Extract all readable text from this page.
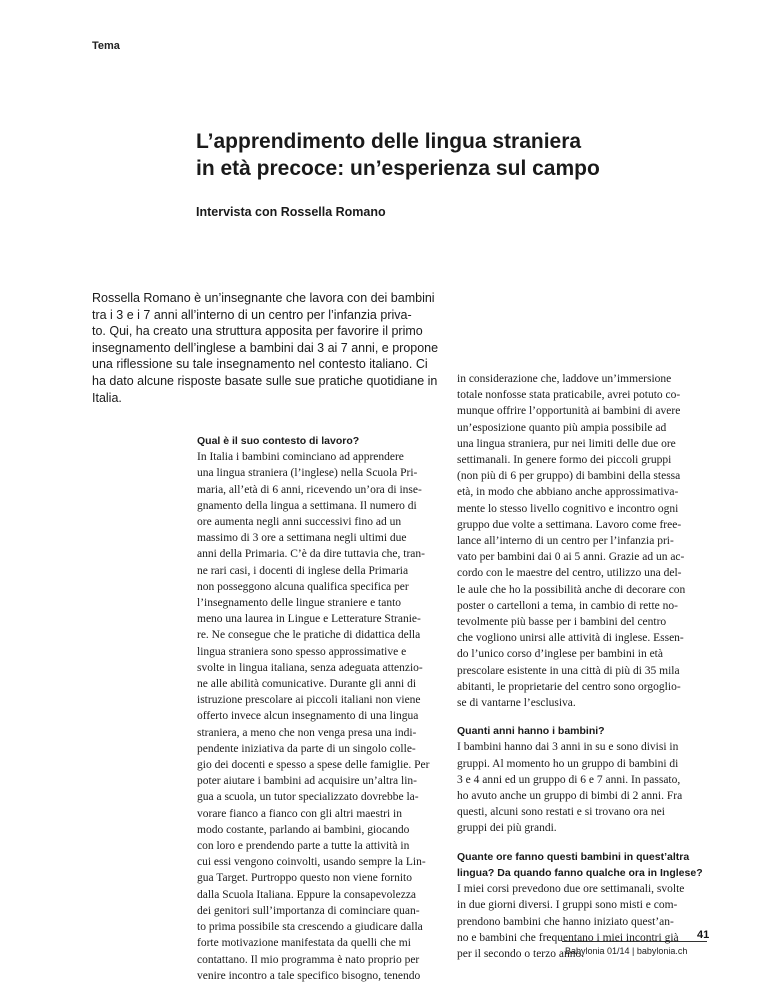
Tema
L’apprendimento delle lingua straniera
in età precoce: un’esperienza sul campo
Intervista con Rossella Romano
Rossella Romano è un’insegnante che lavora con dei bambini
tra i 3 e i 7 anni all’interno di un centro per l’infanzia priva-
to. Qui, ha creato una struttura apposita per favorire il primo
insegnamento dell’inglese a bambini dai 3 ai 7 anni, e propone
una riflessione su tale insegnamento nel contesto italiano. Ci
ha dato alcune risposte basate sulle sue pratiche quotidiane in
Italia.
Qual è il suo contesto di lavoro?
In Italia i bambini cominciano ad apprendere
una lingua straniera (l’inglese) nella Scuola Pri-
maria, all’età di 6 anni, ricevendo un’ora di inse-
gnamento della lingua a settimana. Il numero di
ore aumenta negli anni successivi fino ad un
massimo di 3 ore a settimana negli ultimi due
anni della Primaria. C’è da dire tuttavia che, tran-
ne rari casi, i docenti di inglese della Primaria
non posseggono alcuna qualifica specifica per
l’insegnamento delle lingue straniere e tanto
meno una laurea in Lingue e Letterature Stranie-
re. Ne consegue che le pratiche di didattica della
lingua straniera sono spesso approssimative e
svolte in lingua italiana, senza adeguata attenzio-
ne alle abilità comunicative. Durante gli anni di
istruzione prescolare ai piccoli italiani non viene
offerto invece alcun insegnamento di una lingua
straniera, a meno che non venga presa una indi-
pendente iniziativa da parte di un singolo colle-
gio dei docenti e spesso a spese delle famiglie. Per
poter aiutare i bambini ad acquisire un’altra lin-
gua a scuola, un tutor specializzato dovrebbe la-
vorare fianco a fianco con gli altri maestri in
modo costante, parlando ai bambini, giocando
con loro e prendendo parte a tutte la attività in
cui essi vengono coinvolti, usando sempre la Lin-
gua Target. Purtroppo questo non viene fornito
dalla Scuola Italiana. Eppure la consapevolezza
dei genitori sull’importanza di cominciare quan-
to prima possibile sta crescendo a giudicare dalla
forte motivazione manifestata da quelli che mi
contattano. Il mio programma è nato proprio per
venire incontro a tale specifico bisogno, tenendo
in considerazione che, laddove un’immersione
totale nonfosse stata praticabile, avrei potuto co-
munque offrire l’opportunità ai bambini di avere
un’esposizione quanto più ampia possibile ad
una lingua straniera, pur nei limiti delle due ore
settimanali. In genere formo dei piccoli gruppi
(non più di 6 per gruppo) di bambini della stessa
età, in modo che abbiano anche approssimativa-
mente lo stesso livello cognitivo e incontro ogni
gruppo due volte a settimana. Lavoro come free-
lance all’interno di un centro per l’infanzia pri-
vato per bambini dai 0 ai 5 anni. Grazie ad un ac-
cordo con le maestre del centro, utilizzo una del-
le aule che ho la possibilità anche di decorare con
poster o cartelloni a tema, in cambio di rette no-
tevolmente più basse per i bambini del centro
che vogliono unirsi alle attività di inglese. Essen-
do l’unico corso d’inglese per bambini in età
prescolare esistente in una città di più di 35 mila
abitanti, le proprietarie del centro sono orgoglio-
se di vantarne l’esclusiva.
Quanti anni hanno i bambini?
I bambini hanno dai 3 anni in su e sono divisi in
gruppi. Al momento ho un gruppo di bambini di
3 e 4 anni ed un gruppo di 6 e 7 anni. In passato,
ho avuto anche un gruppo di bimbi di 2 anni. Fra
questi, alcuni sono restati e si trovano ora nei
gruppi dei più grandi.
Quante ore fanno questi bambini in quest’altra
lingua? Da quando fanno qualche ora in Inglese?
I miei corsi prevedono due ore settimanali, svolte
in due giorni diversi. I gruppi sono misti e com-
prendono bambini che hanno iniziato quest’an-
no e bambini che frequentano i miei incontri già
per il secondo o terzo anno.
41
Babylonia 01/14 | babylonia.ch
